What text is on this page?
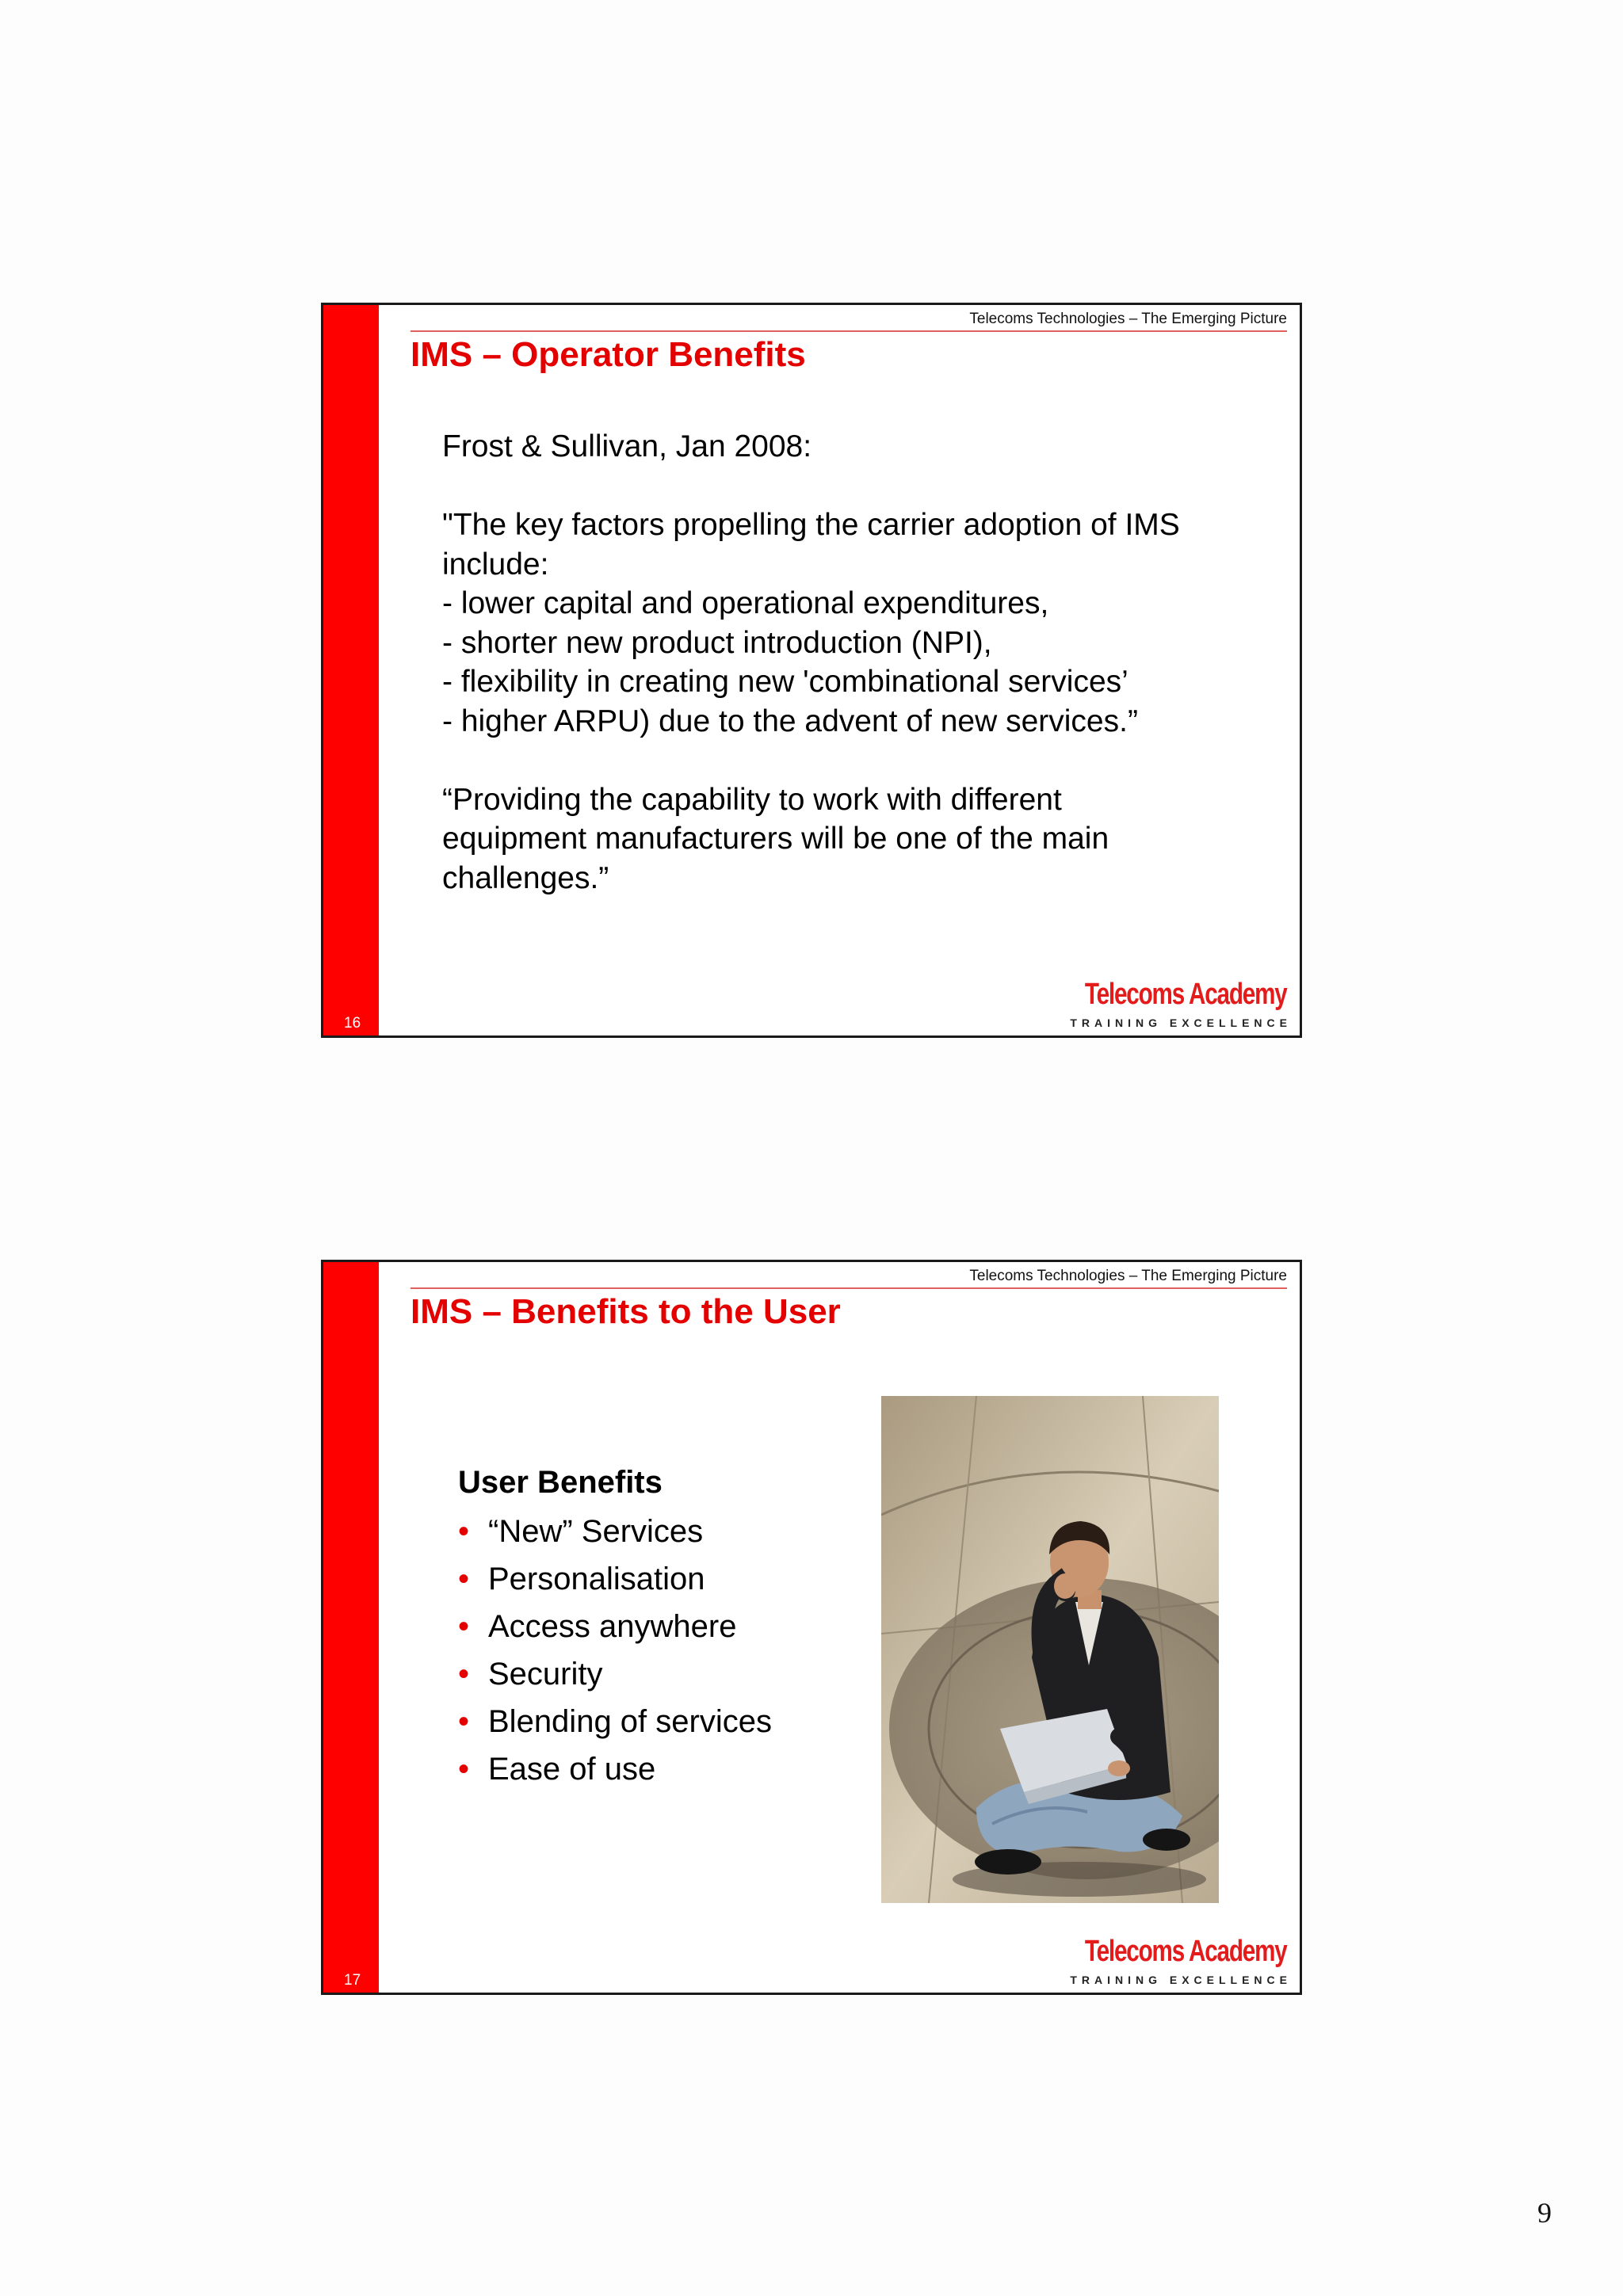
16
Telecoms Technologies – The Emerging Picture
IMS – Operator Benefits

Frost & Sullivan, Jan 2008:

"The key factors propelling the carrier adoption of IMS

include:

- lower capital and operational expenditures,

- shorter new product introduction (NPI),

- flexibility in creating new 'combinational services’

- higher ARPU) due to the advent of new services.”

“Providing the capability to work with different

equipment manufacturers will be one of the main

challenges.”

Telecoms Academy
TRAINING EXCELLENCE
17
Telecoms Technologies – The Emerging Picture
IMS – Benefits to the User
User Benefits
• “New” Services
• Personalisation
• Access anywhere
• Security
• Blending of services
• Ease of use
Telecoms Academy
TRAINING EXCELLENCE
9
